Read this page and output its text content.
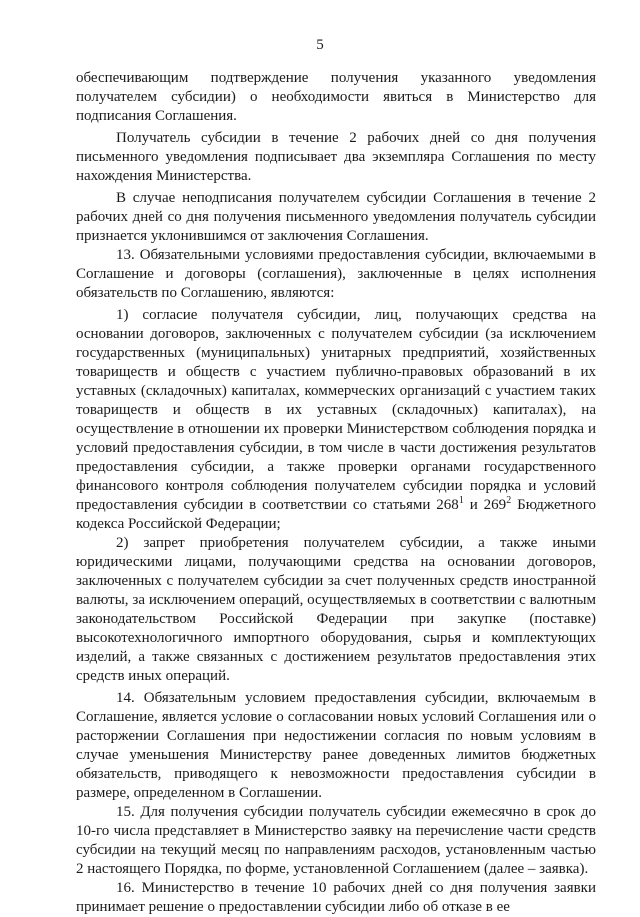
5

обеспечивающим подтверждение получения указанного уведомления получателем субсидии) о необходимости явиться в Министерство для подписания Соглашения.

Получатель субсидии в течение 2 рабочих дней со дня получения письменного уведомления подписывает два экземпляра Соглашения по месту нахождения Министерства.

В случае неподписания получателем субсидии Соглашения в течение 2 рабочих дней со дня получения письменного уведомления получатель субсидии признается уклонившимся от заключения Соглашения.

13. Обязательными условиями предоставления субсидии, включаемыми в Соглашение и договоры (соглашения), заключенные в целях исполнения обязательств по Соглашению, являются:

1) согласие получателя субсидии, лиц, получающих средства на основании договоров, заключенных с получателем субсидии (за исключением государственных (муниципальных) унитарных предприятий, хозяйственных товариществ и обществ с участием публично-правовых образований в их уставных (складочных) капиталах, коммерческих организаций с участием таких товариществ и обществ в их уставных (складочных) капиталах), на осуществление в отношении их проверки Министерством соблюдения порядка и условий предоставления субсидии, в том числе в части достижения результатов предоставления субсидии, а также проверки органами государственного финансового контроля соблюдения получателем субсидии порядка и условий предоставления субсидии в соответствии со статьями $268^1$ и $269^2$ Бюджетного кодекса Российской Федерации;

2) запрет приобретения получателем субсидии, а также иными юридическими лицами, получающими средства на основании договоров, заключенных с получателем субсидии за счет полученных средств иностранной валюты, за исключением операций, осуществляемых в соответствии с валютным законодательством Российской Федерации при закупке (поставке) высокотехнологичного импортного оборудования, сырья и комплектующих изделий, а также связанных с достижением результатов предоставления этих средств иных операций.

14. Обязательным условием предоставления субсидии, включаемым в Соглашение, является условие о согласовании новых условий Соглашения или о расторжении Соглашения при недостижении согласия по новым условиям в случае уменьшения Министерству ранее доведенных лимитов бюджетных обязательств, приводящего к невозможности предоставления субсидии в размере, определенном в Соглашении.

15. Для получения субсидии получатель субсидии ежемесячно в срок до 10-го числа представляет в Министерство заявку на перечисление части средств субсидии на текущий месяц по направлениям расходов, установленным частью 2 настоящего Порядка, по форме, установленной Соглашением (далее – заявка).

16. Министерство в течение 10 рабочих дней со дня получения заявки принимает решение о предоставлении субсидии либо об отказе в ее
